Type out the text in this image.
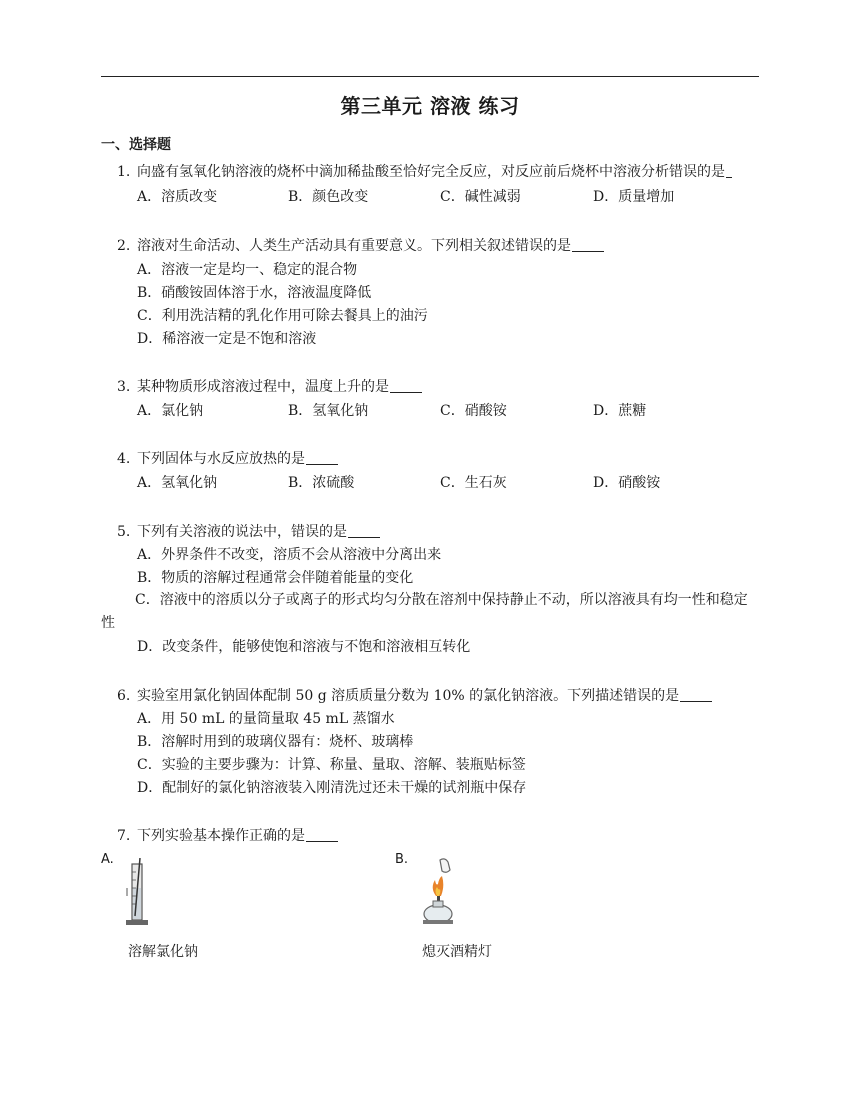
第三单元 溶液 练习
一、选择题
1. 向盛有氢氧化钠溶液的烧杯中滴加稀盐酸至恰好完全反应，对反应前后烧杯中溶液分析错误的是
A．溶质改变	B．颜色改变	C．碱性减弱	D．质量增加
2. 溶液对生命活动、人类生产活动具有重要意义。下列相关叙述错误的是
A．溶液一定是均一、稳定的混合物
B．硝酸铵固体溶于水，溶液温度降低
C．利用洗洁精的乳化作用可除去餐具上的油污
D．稀溶液一定是不饱和溶液
3. 某种物质形成溶液过程中，温度上升的是
A．氯化钠	B．氢氧化钠	C．硝酸铵	D．蔗糖
4. 下列固体与水反应放热的是
A．氢氧化钠	B．浓硫酸	C．生石灰	D．硝酸铵
5. 下列有关溶液的说法中，错误的是
A．外界条件不改变，溶质不会从溶液中分离出来
B．物质的溶解过程通常会伴随着能量的变化
C．溶液中的溶质以分子或离子的形式均匀分散在溶剂中保持静止不动，所以溶液具有均一性和稳定性
D．改变条件，能够使饱和溶液与不饱和溶液相互转化
6. 实验室用氯化钠固体配制 50 g 溶质质量分数为 10% 的氯化钠溶液。下列描述错误的是
A．用 50 mL 的量筒量取 45 mL 蒸馏水
B．溶解时用到的玻璃仪器有：烧杯、玻璃棒
C．实验的主要步骤为：计算、称量、量取、溶解、装瓶贴标签
D．配制好的氯化钠溶液装入刚清洗过还未干燥的试剂瓶中保存
7. 下列实验基本操作正确的是
A.
溶解氯化钠
B.
熄灭酒精灯
